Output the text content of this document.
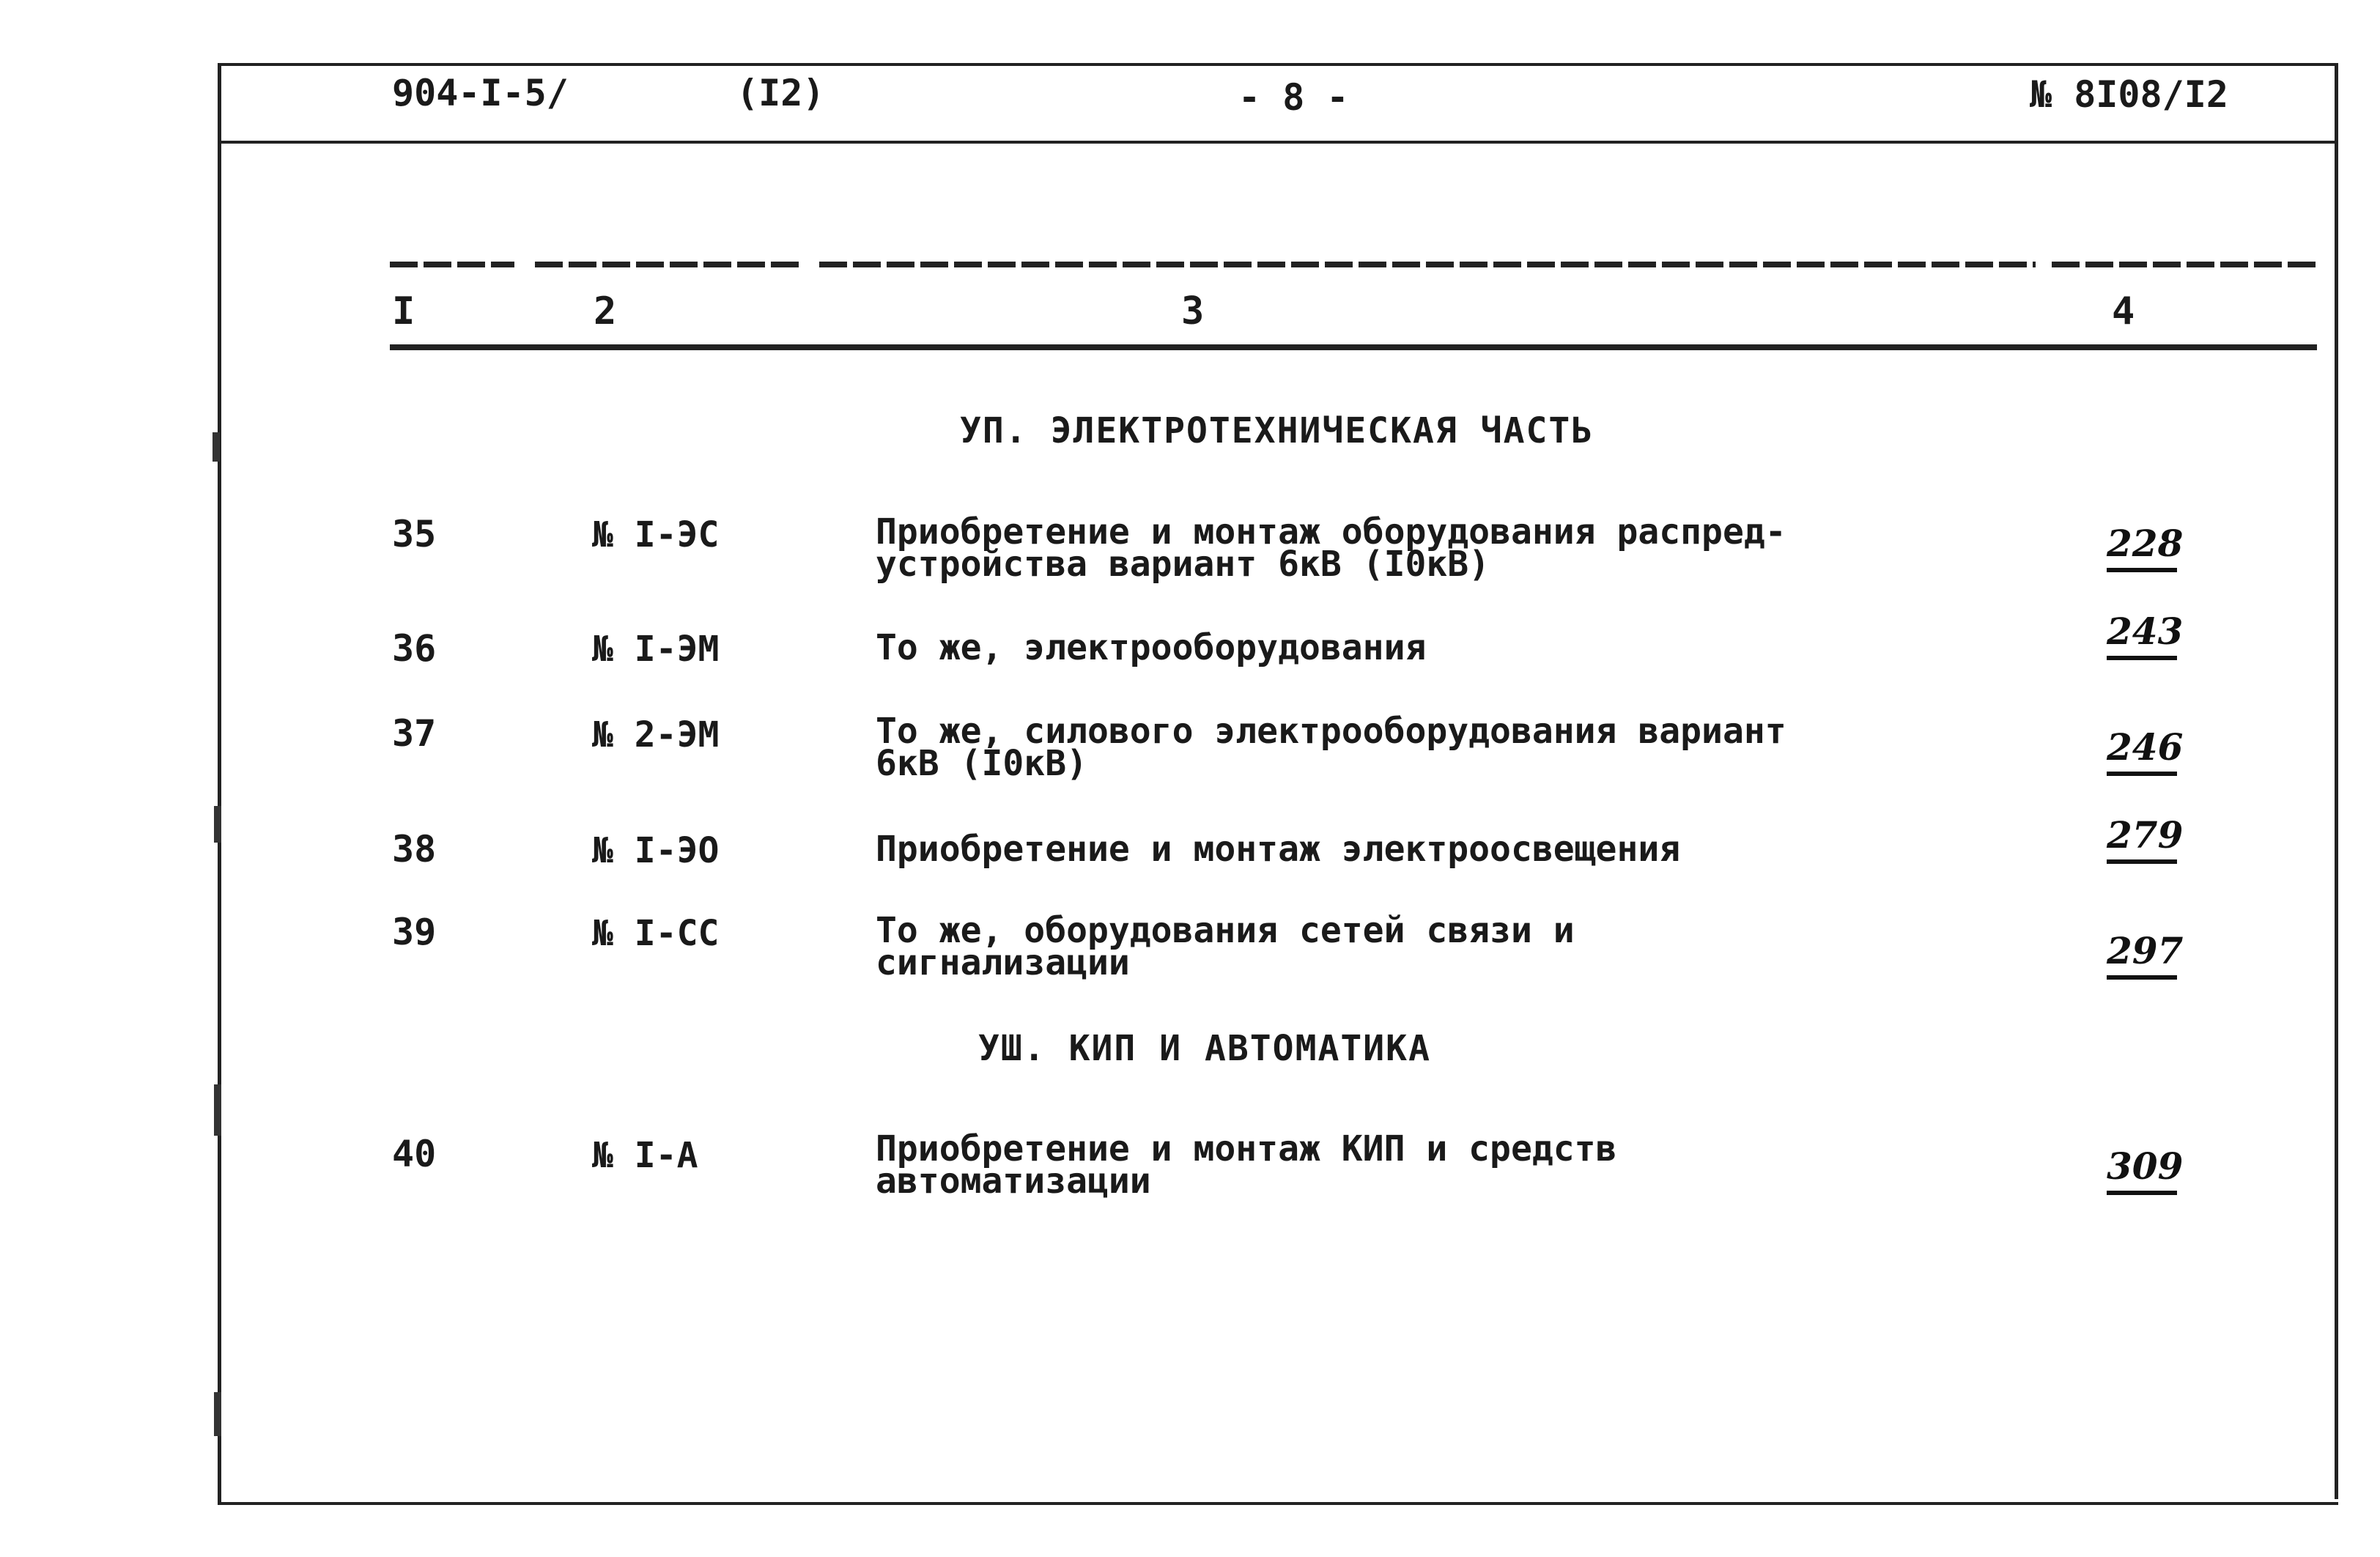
904-I-5/	(I2)	- 8 -	№ 8I08/I2
I	2	3	4
УП. ЭЛЕКТРОТЕХНИЧЕСКАЯ ЧАСТЬ
35	№ I-ЭС	Приобретение и монтаж оборудования распред-
устройства вариант 6кВ (I0кВ)	228
36	№ I-ЭМ	То же, электрооборудования	243
37	№ 2-ЭМ	То же, силового электрооборудования вариант
6кВ (I0кВ)	246
38	№ I-ЭО	Приобретение и монтаж электроосвещения	279
39	№ I-СС	То же, оборудования сетей связи и
сигнализации	297
УШ. КИП И АВТОМАТИКА
40	№ I-А	Приобретение и монтаж КИП и средств
автоматизации	309
